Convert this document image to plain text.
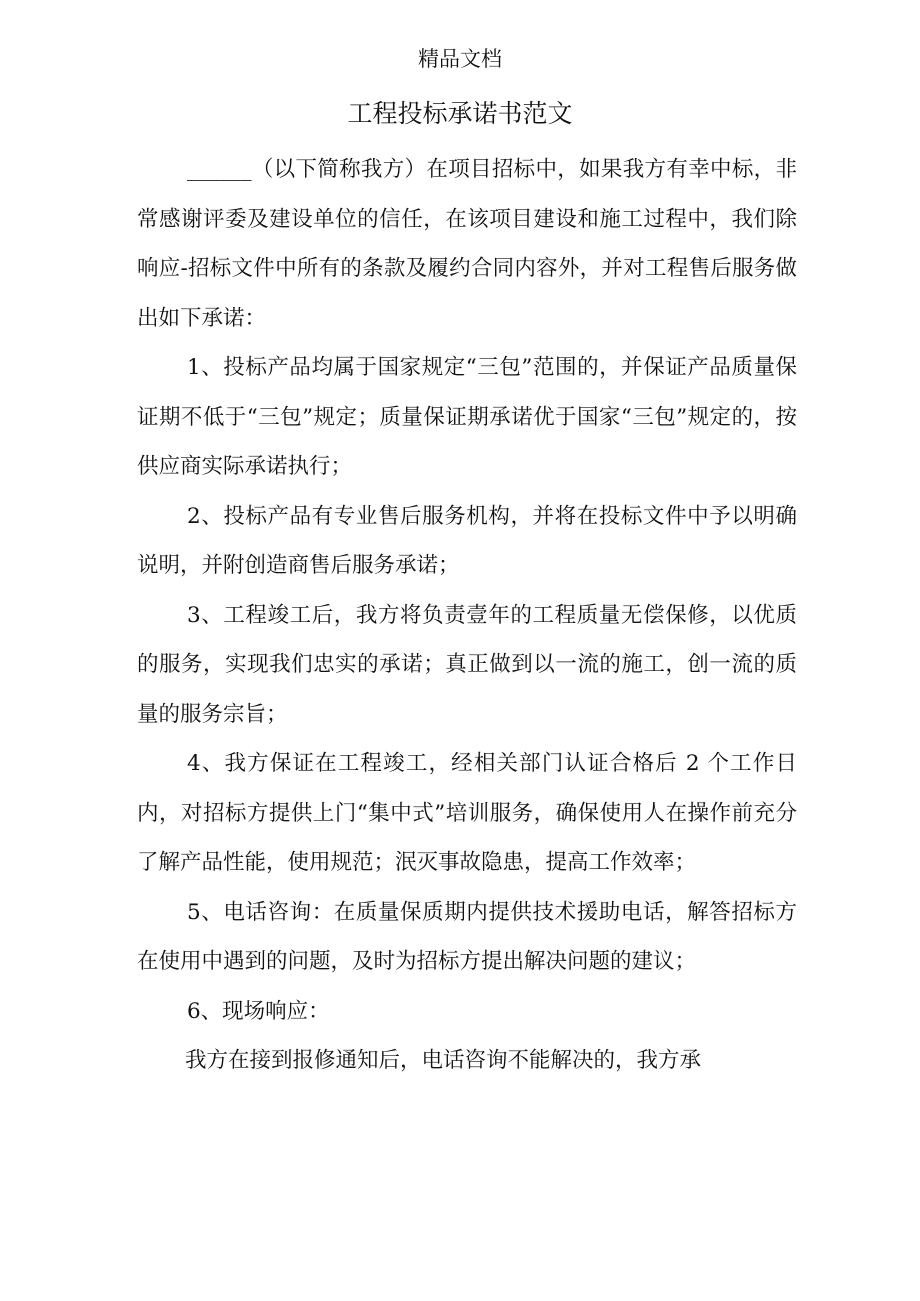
精品文档
工程投标承诺书范文

______（以下简称我方）在项目招标中，如果我方有幸中标，非常感谢评委及建设单位的信任，在该项目建设和施工过程中，我们除响应-招标文件中所有的条款及履约合同内容外，并对工程售后服务做出如下承诺：

1、投标产品均属于国家规定“三包”范围的，并保证产品质量保证期不低于“三包”规定；质量保证期承诺优于国家“三包”规定的，按供应商实际承诺执行；

2、投标产品有专业售后服务机构，并将在投标文件中予以明确说明，并附创造商售后服务承诺；

3、工程竣工后，我方将负责壹年的工程质量无偿保修，以优质的服务，实现我们忠实的承诺；真正做到以一流的施工，创一流的质量的服务宗旨；

4、我方保证在工程竣工，经相关部门认证合格后 2 个工作日内，对招标方提供上门“集中式”培训服务，确保使用人在操作前充分了解产品性能，使用规范；泯灭事故隐患，提高工作效率；

5、电话咨询：在质量保质期内提供技术援助电话，解答招标方在使用中遇到的问题，及时为招标方提出解决问题的建议；

6、现场响应：

我方在接到报修通知后，电话咨询不能解决的，我方承
